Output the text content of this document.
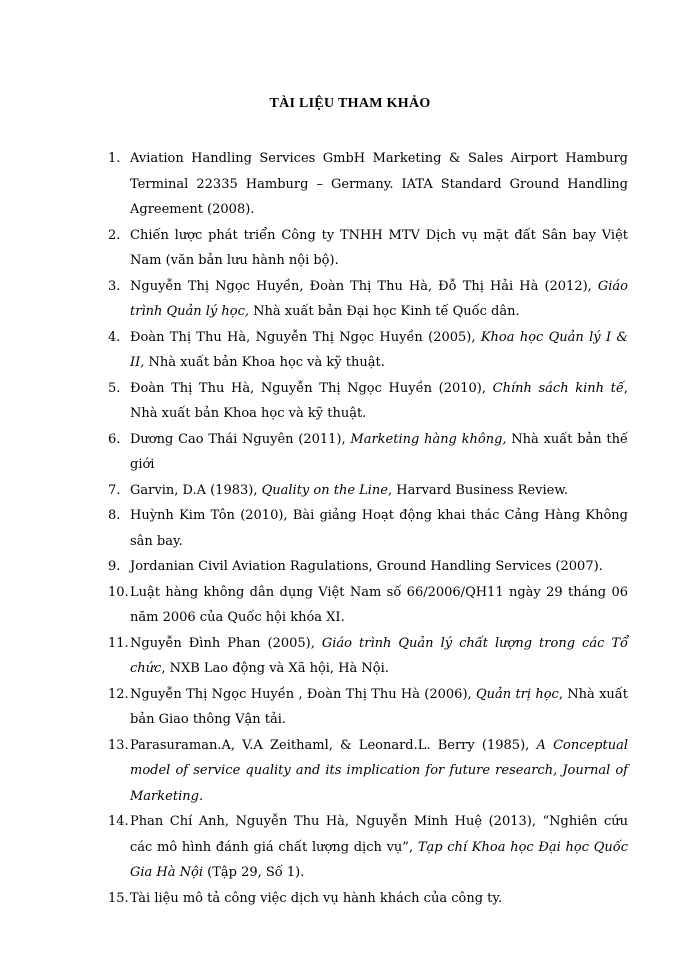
TÀI LIỆU THAM KHẢO
1. Aviation Handling Services GmbH Marketing & Sales Airport Hamburg Terminal 22335 Hamburg – Germany. IATA Standard Ground Handling Agreement (2008).
2. Chiến lược phát triển Công ty TNHH MTV Dịch vụ mặt đất Sân bay Việt Nam (văn bản lưu hành nội bộ).
3. Nguyễn Thị Ngọc Huyền, Đoàn Thị Thu Hà, Đỗ Thị Hải Hà (2012), Giáo trình Quản lý học, Nhà xuất bản Đại học Kinh tế Quốc dân.
4. Đoàn Thị Thu Hà, Nguyễn Thị Ngọc Huyền (2005), Khoa học Quản lý I & II, Nhà xuất bản Khoa học và kỹ thuật.
5. Đoàn Thị Thu Hà, Nguyễn Thị Ngọc Huyền (2010), Chính sách kinh tế, Nhà xuất bản Khoa học và kỹ thuật.
6. Dương Cao Thái Nguyên (2011), Marketing hàng không, Nhà xuất bản thế giới
7. Garvin, D.A (1983), Quality on the Line, Harvard Business Review.
8. Huỳnh Kim Tôn (2010), Bài giảng Hoạt động khai thác Cảng Hàng Không sân bay.
9. Jordanian Civil Aviation Ragulations, Ground Handling Services (2007).
10. Luật hàng không dân dụng Việt Nam số 66/2006/QH11 ngày 29 tháng 06 năm 2006 của Quốc hội khóa XI.
11. Nguyễn Đình Phan (2005), Giáo trình Quản lý chất lượng trong các Tổ chức, NXB Lao động và Xã hội, Hà Nội.
12. Nguyễn Thị Ngọc Huyền , Đoàn Thị Thu Hà (2006), Quản trị học, Nhà xuất bản Giao thông Vận tải.
13. Parasuraman.A, V.A Zeithaml, & Leonard.L. Berry (1985), A Conceptual model of service quality and its implication for future research, Journal of Marketing.
14. Phan Chí Anh, Nguyễn Thu Hà, Nguyễn Minh Huệ (2013), “Nghiên cứu các mô hình đánh giá chất lượng dịch vụ”, Tạp chí Khoa học Đại học Quốc Gia Hà Nội (Tập 29, Số 1).
15. Tài liệu mô tả công việc dịch vụ hành khách của công ty.
